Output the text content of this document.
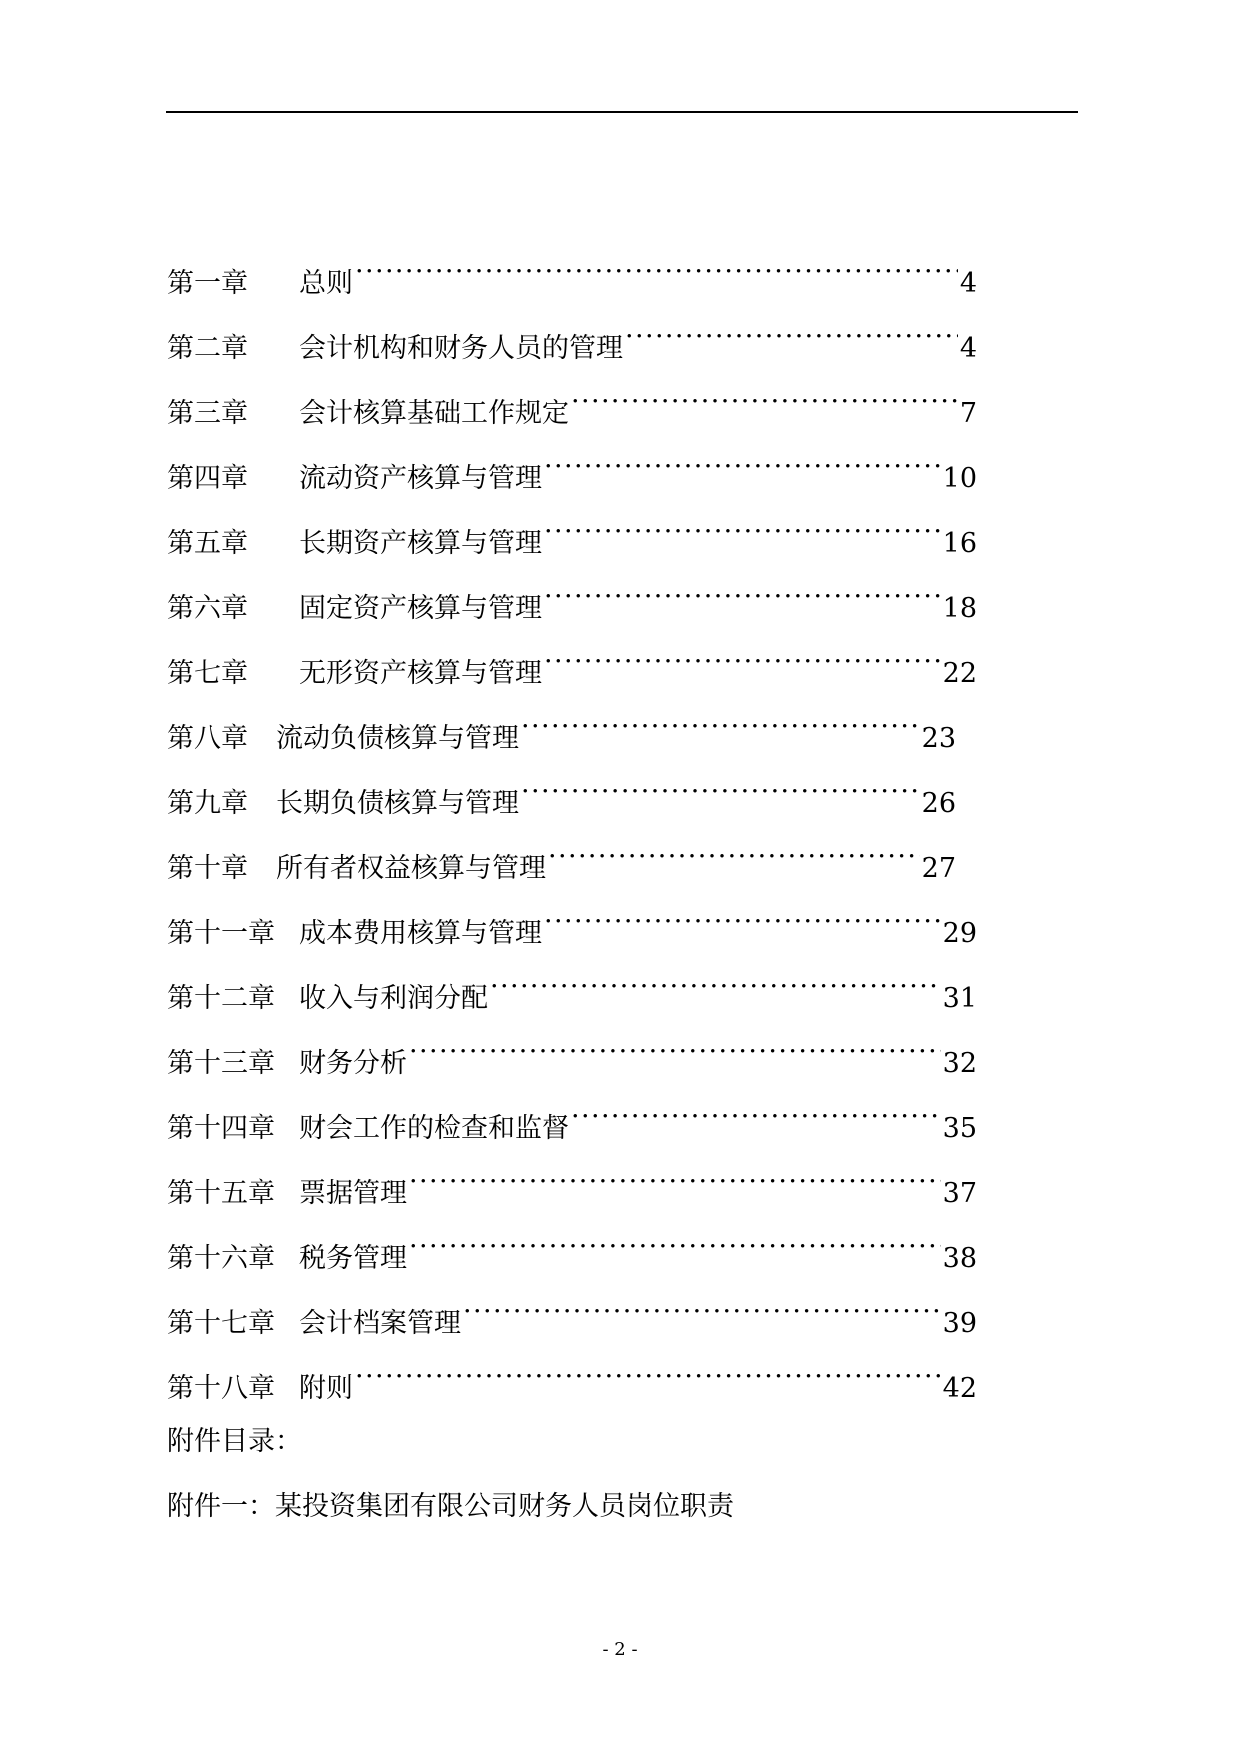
第一章	总则 ·····	4
第二章	会计机构和财务人员的管理 ·····	4
第三章	会计核算基础工作规定 ·····	7
第四章	流动资产核算与管理 ·····	10
第五章	长期资产核算与管理 ·····	16
第六章	固定资产核算与管理 ·····	18
第七章	无形资产核算与管理 ·····	22
第八章	流动负债核算与管理 ·····	23
第九章	长期负债核算与管理 ·····	26
第十章	所有者权益核算与管理 ·····	27
第十一章 成本费用核算与管理 ·····	29
第十二章 收入与利润分配 ·····	31
第十三章 财务分析 ·····	32
第十四章 财会工作的检查和监督 ·····	35
第十五章 票据管理 ·····	37
第十六章 税务管理 ·····	38
第十七章 会计档案管理 ·····	39
第十八章 附则 ·····	42
附件目录：
附件一：某投资集团有限公司财务人员岗位职责
- 2 -
